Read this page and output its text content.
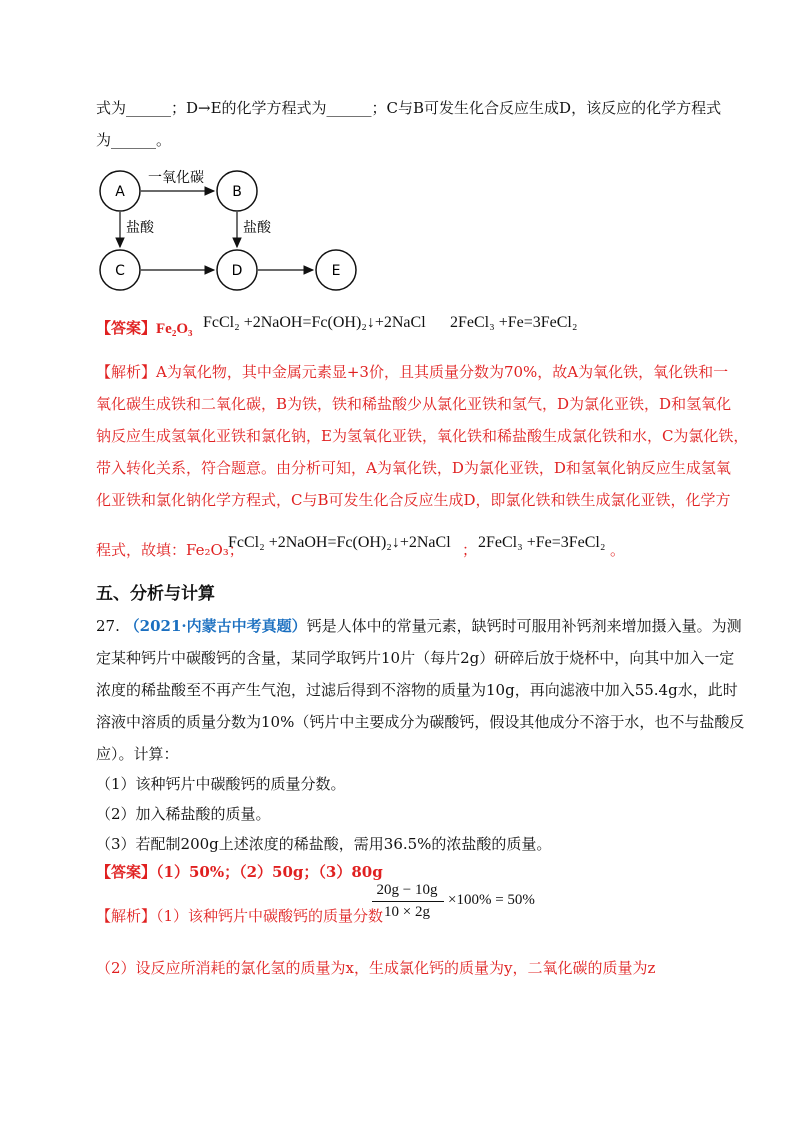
式为______；D→E的化学方程式为______；C与B可发生化合反应生成D，该反应的化学方程式
为______。
A	B
C	D	E
一氧化碳
盐酸	盐酸
【答案】Fe₂O₃ FcCl₂ +2NaOH=Fc(OH)₂↓+2NaCl 2FeCl₃ +Fe=3FeCl₂
【解析】A为氧化物，其中金属元素显+3价，且其质量分数为70%，故A为氧化铁，氧化铁和一
氧化碳生成铁和二氧化碳，B为铁，铁和稀盐酸少从氯化亚铁和氢气，D为氯化亚铁，D和氢氧化
钠反应生成氢氧化亚铁和氯化钠，E为氢氧化亚铁，氧化铁和稀盐酸生成氯化铁和水，C为氯化铁，
带入转化关系，符合题意。由分析可知，A为氧化铁，D为氯化亚铁，D和氢氧化钠反应生成氢氧
化亚铁和氯化钠化学方程式，C与B可发生化合反应生成D，即氯化铁和铁生成氯化亚铁，化学方
程式，故填：Fe₂O₃；
FcCl₂ +2NaOH=Fc(OH)₂↓+2NaCl ； 2FeCl₃ +Fe=3FeCl₂ 。
五、分析与计算
27. （2021·内蒙古中考真题）钙是人体中的常量元素，缺钙时可服用补钙剂来增加摄入量。为测
定某种钙片中碳酸钙的含量，某同学取钙片10片（每片2g）研碎后放于烧杯中，向其中加入一定
浓度的稀盐酸至不再产生气泡，过滤后得到不溶物的质量为10g，再向滤液中加入55.4g水，此时
溶液中溶质的质量分数为10%（钙片中主要成分为碳酸钙，假设其他成分不溶于水，也不与盐酸反
应）。计算：
（1）该种钙片中碳酸钙的质量分数。
（2）加入稀盐酸的质量。
（3）若配制200g上述浓度的稀盐酸，需用36.5%的浓盐酸的质量。
【答案】（1）50%；（2）50g；（3）80g
【解析】（1）该种钙片中碳酸钙的质量分数
20g − 10g
10 × 2g
×100% = 50%
（2）设反应所消耗的氯化氢的质量为x，生成氯化钙的质量为y，二氧化碳的质量为z
